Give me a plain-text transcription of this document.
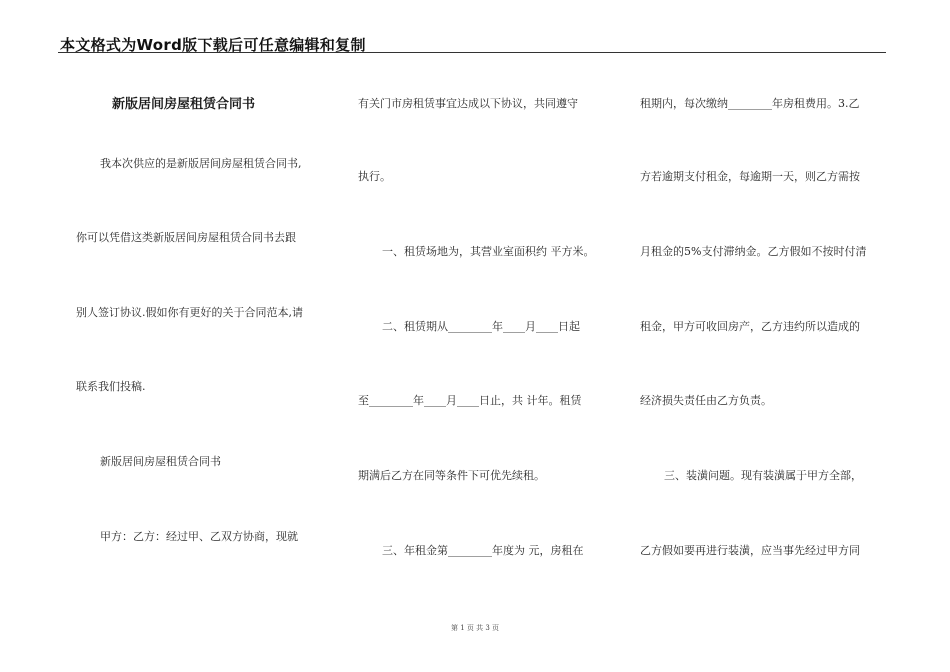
本文格式为Word版下载后可任意编辑和复制
新版居间房屋租赁合同书
我本次供应的是新版居间房屋租赁合同书,
你可以凭借这类新版居间房屋租赁合同书去跟
别人签订协议.假如你有更好的关于合同范本,请
联系我们投稿.
新版居间房屋租赁合同书
甲方：乙方：经过甲、乙双方协商，现就
有关门市房租赁事宜达成以下协议，共同遵守
执行。
一、租赁场地为，其营业室面积约 平方米。
二、租赁期从________年____月____日起
至________年____月____日止，共 计年。租赁
期满后乙方在同等条件下可优先续租。
三、年租金第________年度为 元，房租在
租期内，每次缴纳________年房租费用。3.乙
方若逾期支付租金，每逾期一天，则乙方需按
月租金的5%支付滞纳金。乙方假如不按时付清
租金，甲方可收回房产，乙方违约所以造成的
经济损失责任由乙方负责。
三、装潢问题。现有装潢属于甲方全部，
乙方假如要再进行装潢，应当事先经过甲方同
第 1 页 共 3 页
